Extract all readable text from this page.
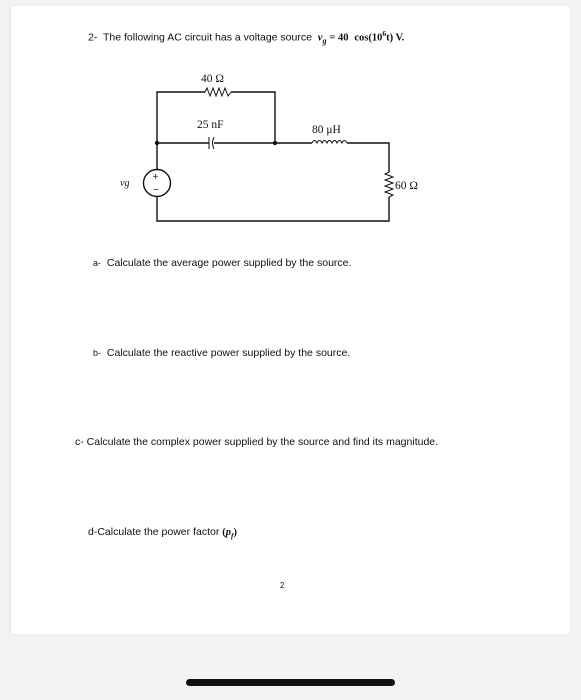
2- The following AC circuit has a voltage source $v_g = 40$ $\cos(10^6t)$ V.
40 Ω
25 nF	80 μH
60 Ω
+
−
vg
a- Calculate the average power supplied by the source.
b- Calculate the reactive power supplied by the source.
c- Calculate the complex power supplied by the source and find its magnitude.
d-Calculate the power factor $(p_f)$
2
